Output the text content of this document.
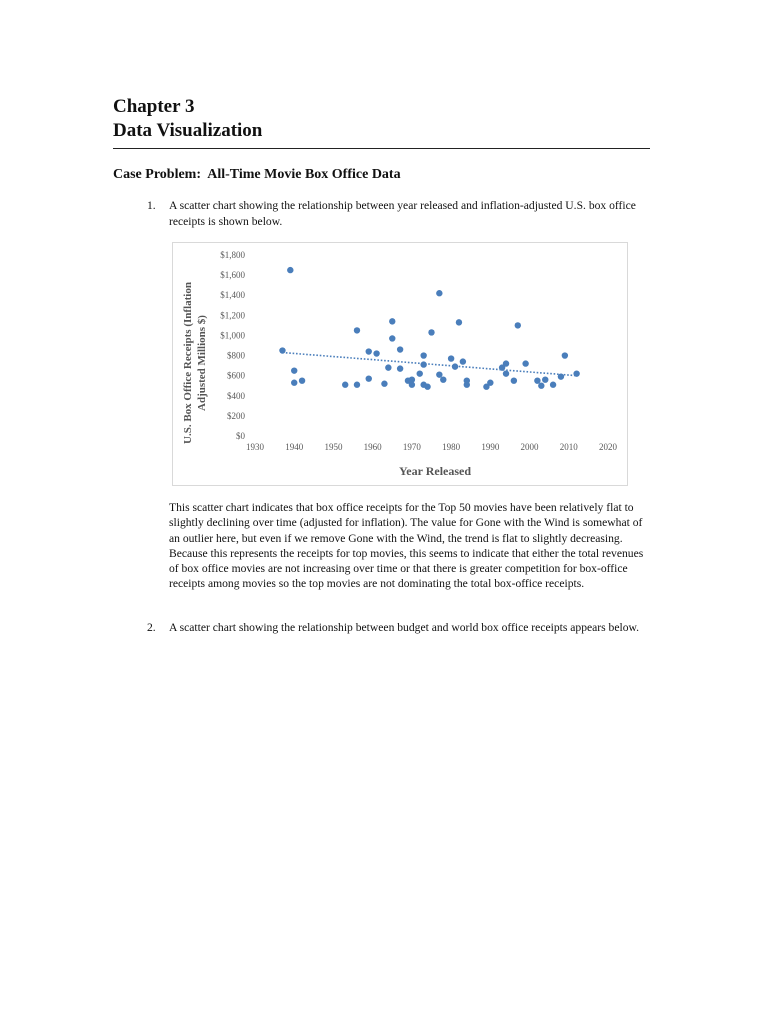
Chapter 3
Data Visualization
Case Problem: All-Time Movie Box Office Data
1. A scatter chart showing the relationship between year released and inflation-adjusted U.S. box office receipts is shown below.
$0
$200
$400
$600
$800
$1,000
$1,200
$1,400
$1,600
$1,800
1930 1940 1950 1960 1970 1980 1990 2000 2010 2020
U.S. Box Office Receipts (Inflation Adjusted Millions $)
Year Released
This scatter chart indicates that box office receipts for the Top 50 movies have been relatively flat to slightly declining over time (adjusted for inflation). The value for Gone with the Wind is somewhat of an outlier here, but even if we remove Gone with the Wind, the trend is flat to slightly decreasing. Because this represents the receipts for top movies, this seems to indicate that either the total revenues of box office movies are not increasing over time or that there is greater competition for box-office receipts among movies so the top movies are not dominating the total box-office receipts.
2. A scatter chart showing the relationship between budget and world box office receipts appears below.
